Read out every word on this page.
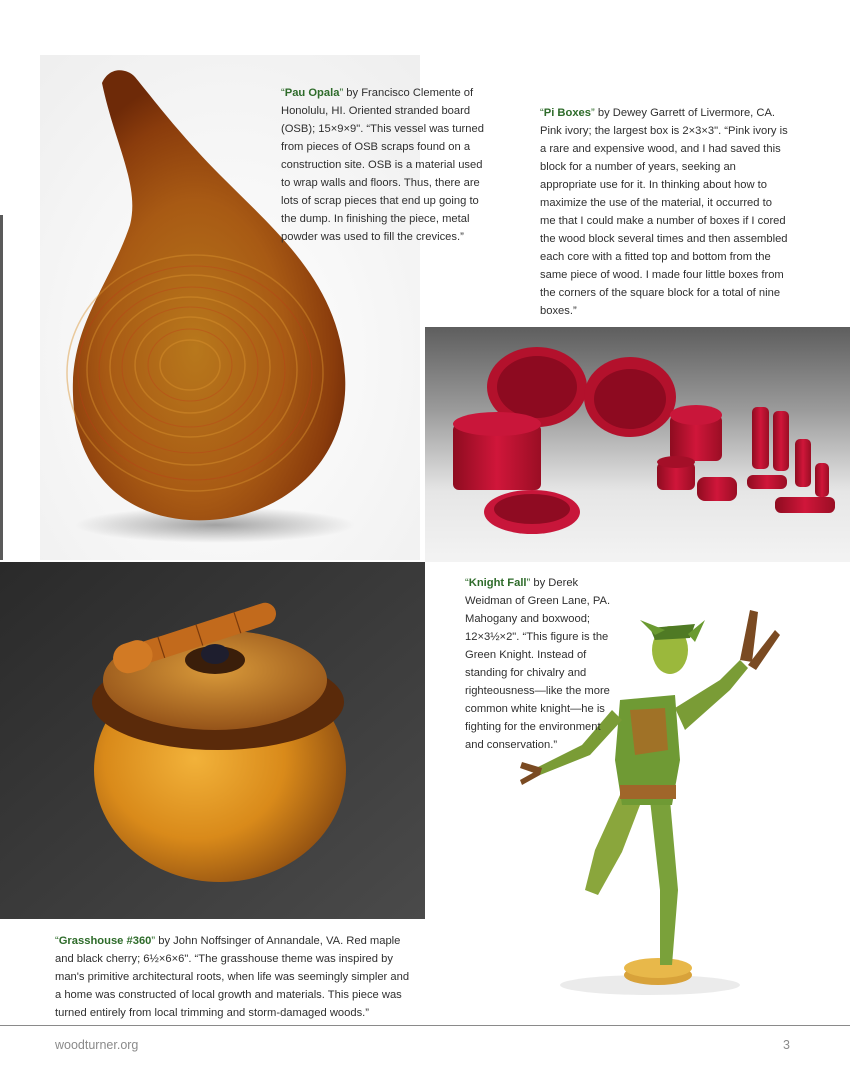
“Pau Opala” by Francisco Clemente of Honolulu, HI. Oriented stranded board (OSB); 15×9×9". “This vessel was turned from pieces of OSB scraps found on a construction site. OSB is a material used to wrap walls and floors. Thus, there are lots of scrap pieces that end up going to the dump. In finishing the piece, metal powder was used to fill the crevices.”

“Pi Boxes” by Dewey Garrett of Livermore, CA. Pink ivory; the largest box is 2×3×3". “Pink ivory is a rare and expensive wood, and I had saved this block for a number of years, seeking an appropriate use for it. In thinking about how to maximize the use of the material, it occurred to me that I could make a number of boxes if I cored the wood block several times and then assembled each core with a fitted top and bottom from the same piece of wood. I made four little boxes from the corners of the square block for a total of nine boxes.”

“Knight Fall” by Derek Weidman of Green Lane, PA. Mahogany and boxwood; 12×3½×2". “This figure is the Green Knight. Instead of standing for chivalry and righteousness—like the more common white knight—he is fighting for the environment and conservation.”

“Grasshouse #360” by John Noffsinger of Annandale, VA. Red maple and black cherry; 6½×6×6". “The grasshouse theme was inspired by man's primitive architectural roots, when life was seemingly simpler and a home was constructed of local growth and materials. This piece was turned entirely from local trimming and storm-damaged woods.”

woodturner.org	3
